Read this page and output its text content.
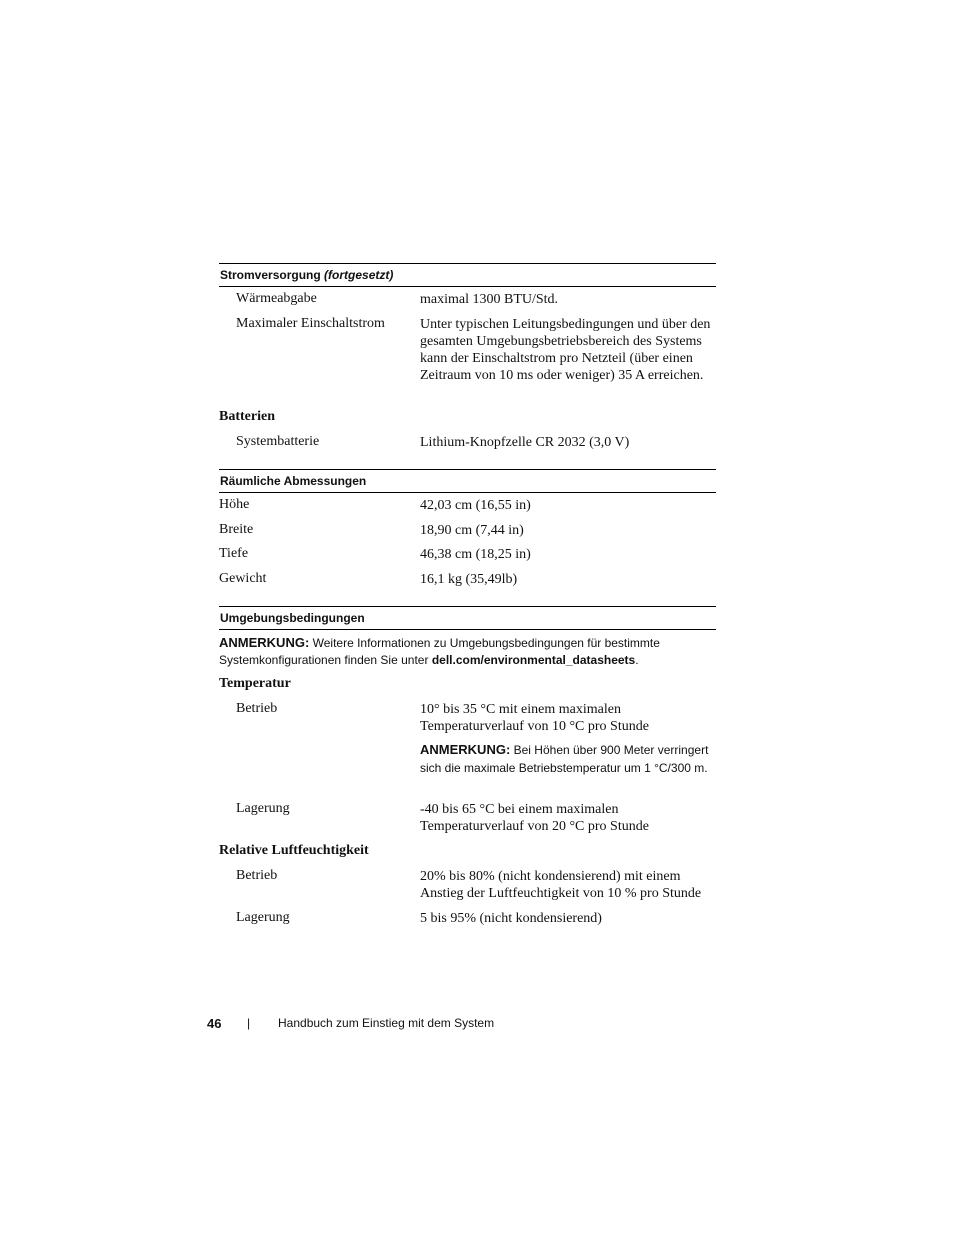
Stromversorgung (fortgesetzt)
Wärmeabgabe	maximal 1300 BTU/Std.
Maximaler Einschaltstrom	Unter typischen Leitungsbedingungen und über den gesamten Umgebungsbetriebsbereich des Systems kann der Einschaltstrom pro Netzteil (über einen Zeitraum von 10 ms oder weniger) 35 A erreichen.
Batterien
Systembatterie	Lithium-Knopfzelle CR 2032 (3,0 V)
Räumliche Abmessungen
Höhe	42,03 cm (16,55 in)
Breite	18,90 cm (7,44 in)
Tiefe	46,38 cm (18,25 in)
Gewicht	16,1 kg (35,49lb)
Umgebungsbedingungen
ANMERKUNG: Weitere Informationen zu Umgebungsbedingungen für bestimmte Systemkonfigurationen finden Sie unter dell.com/environmental_datasheets.
Temperatur
Betrieb	10° bis 35 °C mit einem maximalen Temperaturverlauf von 10 °C pro Stunde
ANMERKUNG: Bei Höhen über 900 Meter verringert sich die maximale Betriebstemperatur um 1 °C/300 m.
Lagerung	-40 bis 65 °C bei einem maximalen Temperaturverlauf von 20 °C pro Stunde
Relative Luftfeuchtigkeit
Betrieb	20% bis 80% (nicht kondensierend) mit einem Anstieg der Luftfeuchtigkeit von 10 % pro Stunde
Lagerung	5 bis 95% (nicht kondensierend)
46 | Handbuch zum Einstieg mit dem System
